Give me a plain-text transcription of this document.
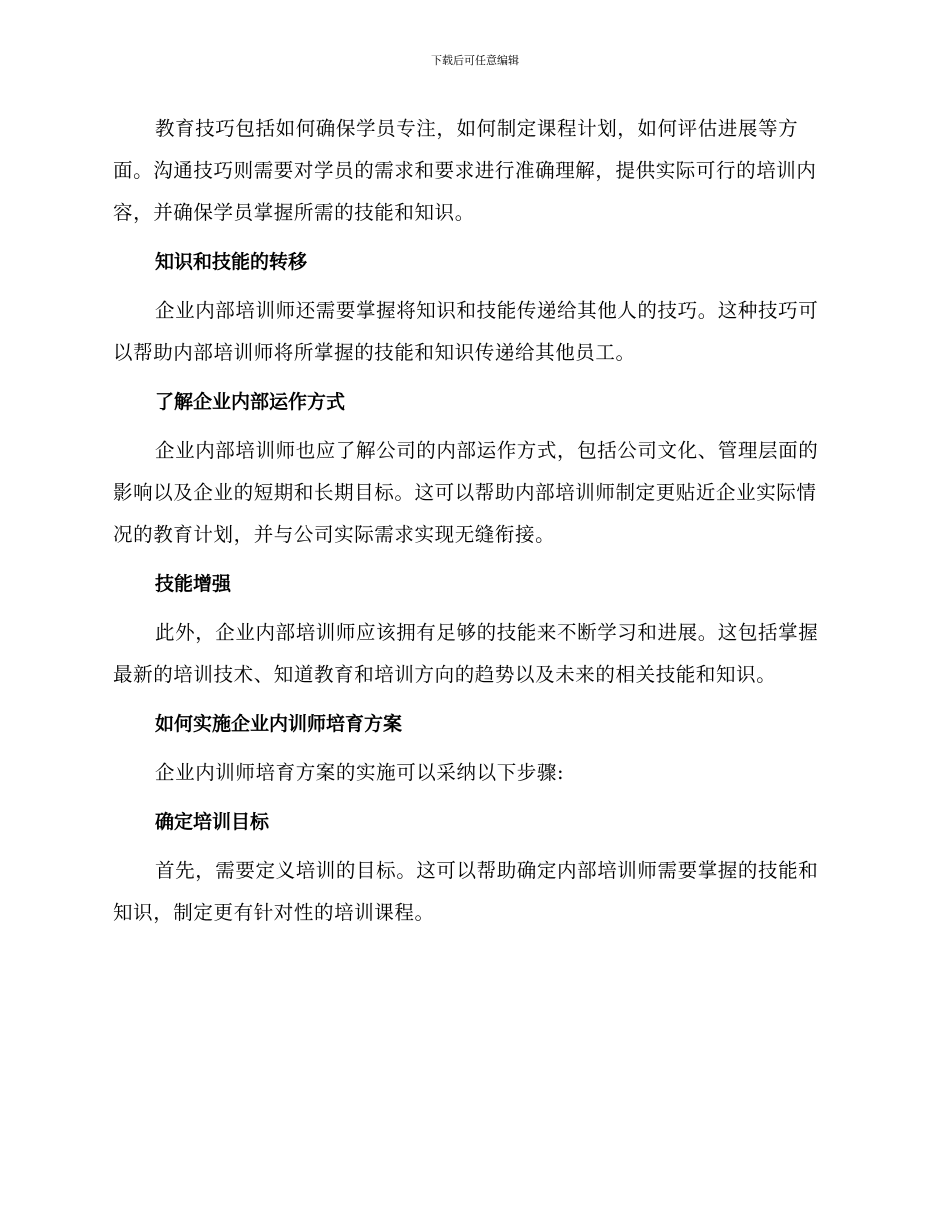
下载后可任意编辑

教育技巧包括如何确保学员专注，如何制定课程计划，如何评估进展等方面。沟通技巧则需要对学员的需求和要求进行准确理解，提供实际可行的培训内容，并确保学员掌握所需的技能和知识。

知识和技能的转移

企业内部培训师还需要掌握将知识和技能传递给其他人的技巧。这种技巧可以帮助内部培训师将所掌握的技能和知识传递给其他员工。

了解企业内部运作方式

企业内部培训师也应了解公司的内部运作方式，包括公司文化、管理层面的影响以及企业的短期和长期目标。这可以帮助内部培训师制定更贴近企业实际情况的教育计划，并与公司实际需求实现无缝衔接。

技能增强

此外，企业内部培训师应该拥有足够的技能来不断学习和进展。这包括掌握最新的培训技术、知道教育和培训方向的趋势以及未来的相关技能和知识。

如何实施企业内训师培育方案

企业内训师培育方案的实施可以采纳以下步骤:

确定培训目标

首先，需要定义培训的目标。这可以帮助确定内部培训师需要掌握的技能和知识，制定更有针对性的培训课程。
